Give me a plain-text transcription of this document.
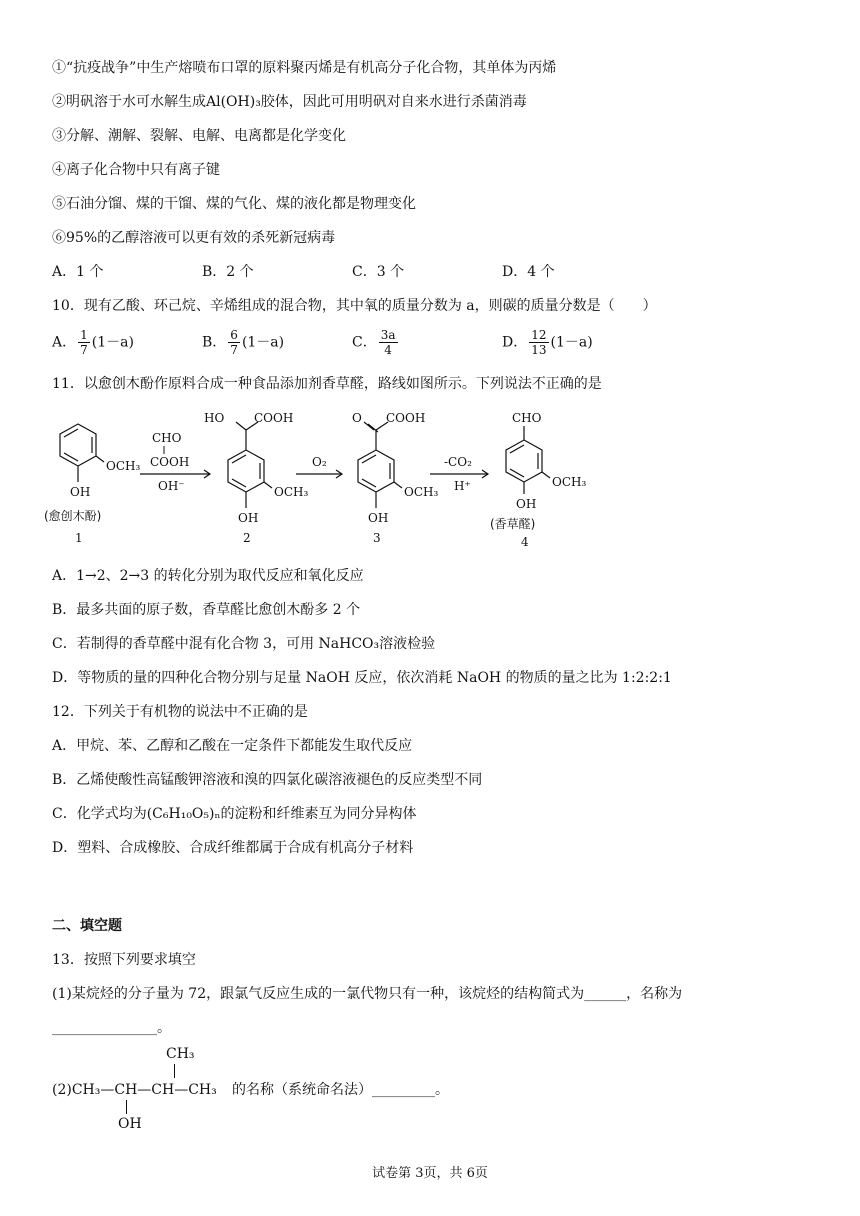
①“抗疫战争”中生产熔喷布口罩的原料聚丙烯是有机高分子化合物，其单体为丙烯
②明矾溶于水可水解生成Al(OH)₃胶体，因此可用明矾对自来水进行杀菌消毒
③分解、潮解、裂解、电解、电离都是化学变化
④离子化合物中只有离子键
⑤石油分馏、煤的干馏、煤的气化、煤的液化都是物理变化
⑥95%的乙醇溶液可以更有效的杀死新冠病毒
A．1 个	B．2 个	C．3 个	D．4 个
10．现有乙酸、环己烷、辛烯组成的混合物，其中氧的质量分数为 a，则碳的质量分数是（　　）
A． $\frac{1}{7} (1-a)$	B． $\frac{6}{7} (1-a)$	C． $\frac{3a}{4}$	D． $\frac{12}{13} (1-a)$
11．以愈创木酚作原料合成一种食品添加剂香草醛，路线如图所示。下列说法不正确的是
OCH₃
OH
(愈创木酚)
1
CHO
COOH
OH⁻
HO COOH
OCH₃
OH
2
O₂
O COOH
OCH₃
OH
3
-CO₂
H⁺
CHO
OCH₃
OH
(香草醛)
4
A．1→2、2→3 的转化分别为取代反应和氧化反应
B．最多共面的原子数，香草醛比愈创木酚多 2 个
C．若制得的香草醛中混有化合物 3，可用 NaHCO₃溶液检验
D．等物质的量的四种化合物分别与足量 NaOH 反应，依次消耗 NaOH 的物质的量之比为 1:2:2:1
12．下列关于有机物的说法中不正确的是
A．甲烷、苯、乙醇和乙酸在一定条件下都能发生取代反应
B．乙烯使酸性高锰酸钾溶液和溴的四氯化碳溶液褪色的反应类型不同
C．化学式均为(C₆H₁₀O₅)ₙ的淀粉和纤维素互为同分异构体
D．塑料、合成橡胶、合成纤维都属于合成有机高分子材料
二、填空题
13．按照下列要求填空
(1)某烷烃的分子量为 72，跟氯气反应生成的一氯代物只有一种，该烷烃的结构简式为______，名称为
_______________。
CH₃
(2)CH₃—CH—CH—CH₃ 的名称（系统命名法）_________。
OH
试卷第 3页，共 6页
